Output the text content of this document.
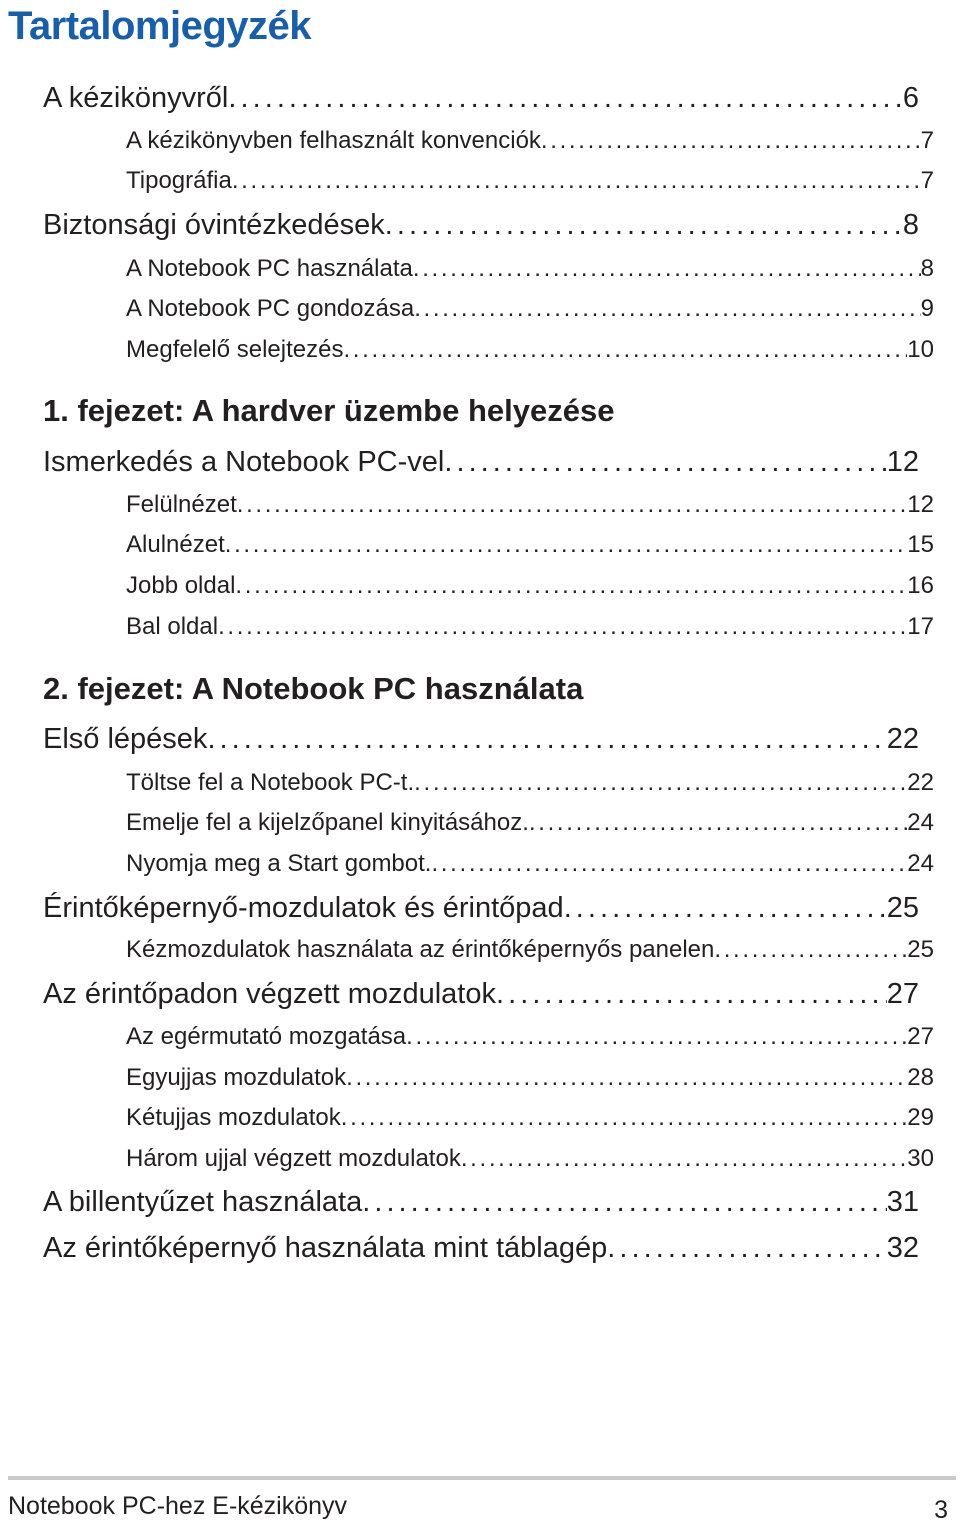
Tartalomjegyzék
A kézikönyvről . . .	6
A kézikönyvben felhasznált konvenciók . . .	7
Tipográfia . . .	7
Biztonsági óvintézkedések . . .	8
A Notebook PC használata . . .	8
A Notebook PC gondozása . . .	9
Megfelelő selejtezés . . .	10
1. fejezet: A hardver üzembe helyezése
Ismerkedés a Notebook PC-vel . . .	12
Felülnézet . . .	12
Alulnézet . . .	15
Jobb oldal . . .	16
Bal oldal . . .	17
2. fejezet: A Notebook PC használata
Első lépések . . .	22
Töltse fel a Notebook PC-t. . . .	22
Emelje fel a kijelzőpanel kinyitásához. . . .	24
Nyomja meg a Start gombot. . . .	24
Érintőképernyő-mozdulatok és érintőpad . . .	25
Kézmozdulatok használata az érintőképernyős panelen . . .	25
Az érintőpadon végzett mozdulatok . . .	27
Az egérmutató mozgatása . . .	27
Egyujjas mozdulatok . . .	28
Kétujjas mozdulatok . . .	29
Három ujjal végzett mozdulatok . . .	30
A billentyűzet használata . . .	31
Az érintőképernyő használata mint táblagép . . .	32
Notebook PC-hez E-kézikönyv	3
